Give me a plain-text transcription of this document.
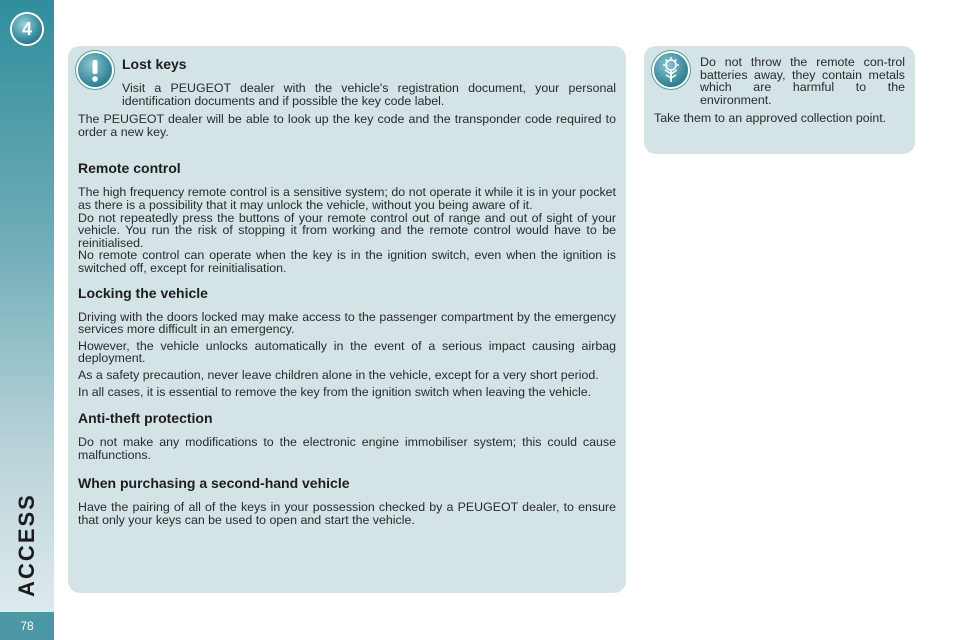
4
ACCESS
78
Lost keys

Visit a PEUGEOT dealer with the vehicle's registration document, your personal identification documents and if possible the key code label.

The PEUGEOT dealer will be able to look up the key code and the transponder code required to order a new key.

Remote control

The high frequency remote control is a sensitive system; do not operate it while it is in your pocket as there is a possibility that it may unlock the vehicle, without you being aware of it.

Do not repeatedly press the buttons of your remote control out of range and out of sight of your vehicle. You run the risk of stopping it from working and the remote control would have to be reinitialised.

No remote control can operate when the key is in the ignition switch, even when the ignition is switched off, except for reinitialisation.

Locking the vehicle

Driving with the doors locked may make access to the passenger compartment by the emergency services more difficult in an emergency.

However, the vehicle unlocks automatically in the event of a serious impact causing airbag deployment.

As a safety precaution, never leave children alone in the vehicle, except for a very short period.

In all cases, it is essential to remove the key from the ignition switch when leaving the vehicle.

Anti-theft protection

Do not make any modifications to the electronic engine immobiliser system; this could cause malfunctions.

When purchasing a second-hand vehicle

Have the pairing of all of the keys in your possession checked by a PEUGEOT dealer, to ensure that only your keys can be used to open and start the vehicle.

Do not throw the remote con-trol batteries away, they contain metals which are harmful to the environment.

Take them to an approved collection point.
